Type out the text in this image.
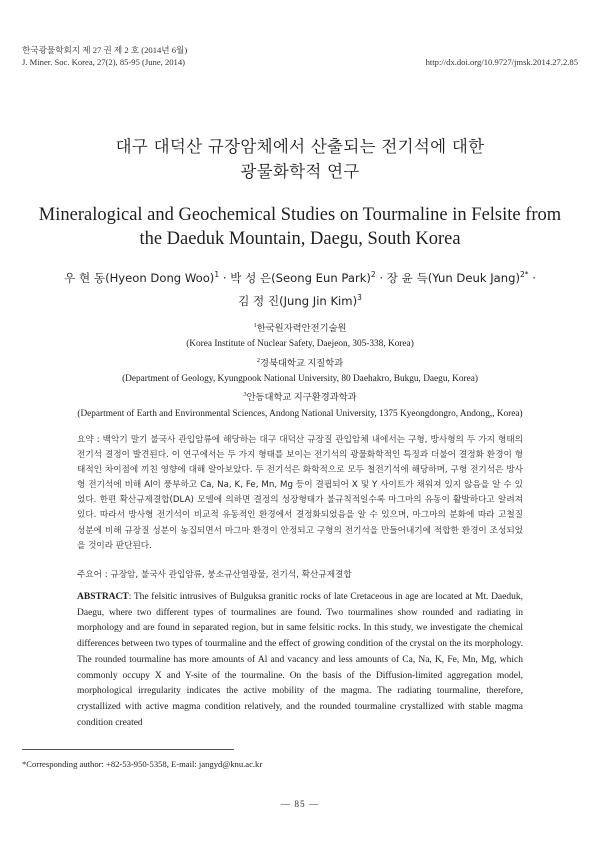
한국광물학회지 제 27 권 제 2 호 (2014년 6월)
J. Miner. Soc. Korea, 27(2), 85-95 (June, 2014)	http://dx.doi.org/10.9727/jmsk.2014.27.2.85
대구 대덕산 규장암체에서 산출되는 전기석에 대한
광물화학적 연구
Mineralogical and Geochemical Studies on Tourmaline in Felsite from
the Daeduk Mountain, Daegu, South Korea
우 현 동(Hyeon Dong Woo)$^1$ · 박 성 은(Seong Eun Park)$^2$ · 장 윤 득(Yun Deuk Jang)$^{2*}$ ·
김 정 진(Jung Jin Kim)$^3$
$^1$한국원자력안전기술원
(Korea Institute of Nuclear Safety, Daejeon, 305-338, Korea)
$^2$경북대학교 지질학과
(Department of Geology, Kyungpook National University, 80 Daehakro, Bukgu, Daegu, Korea)
$^3$안동대학교 지구환경과학과
(Department of Earth and Environmental Sciences, Andong National University, 1375 Kyeongdongro, Andong,, Korea)
요약 : 백악기 말기 불국사 관입암류에 해당하는 대구 대덕산 규장질 관입암체 내에서는 구형, 방사형의 두 가지 형태의 전기석 결정이 발견된다. 이 연구에서는 두 가지 형태를 보이는 전기석의 광물화학적인 특징과 더불어 결정화 환경이 형태적인 차이점에 끼친 영향에 대해 알아보았다. 두 전기석은 화학적으로 모두 철전기석에 해당하며, 구형 전기석은 방사형 전기석에 비해 Al이 풍부하고 Ca, Na, K, Fe, Mn, Mg 등이 결핍되어 X 및 Y 사이트가 채워져 있지 않음을 알 수 있었다. 한편 확산규제결합(DLA) 모델에 의하면 결정의 성장형태가 불규칙적일수록 마그마의 유동이 활발하다고 알려져 있다. 따라서 방사형 전기석이 비교적 유동적인 환경에서 결정화되었음을 알 수 있으며, 마그마의 분화에 따라 고철질 성분에 비해 규장질 성분이 농집되면서 마그마 환경이 안정되고 구형의 전기석을 만들어내기에 적합한 환경이 조성되었을 것이라 판단된다.
주요어 : 규장암, 불국사 관입암류, 붕소규산염광물, 전기석, 확산규제결합
ABSTRACT: The felsitic intrusives of Bulguksa granitic rocks of late Cretaceous in age are located at Mt. Daeduk, Daegu, where two different types of tourmalines are found. Two tourmalines show rounded and radiating in morphology and are found in separated region, but in same felsitic rocks. In this study, we investigate the chemical differences between two types of tourmaline and the effect of growing condition of the crystal on the its morphology. The rounded tourmaline has more amounts of Al and vacancy and less amounts of Ca, Na, K, Fe, Mn, Mg, which commonly occupy X and Y-site of the tourmaline. On the basis of the Diffusion-limited aggregation model, morphological irregularity indicates the active mobility of the magma. The radiating tourmaline, therefore, crystallized with active magma condition relatively, and the rounded tourmaline crystallized with stable magma condition created
*Corresponding author: +82-53-950-5358, E-mail: jangyd@knu.ac.kr
— 85 —
